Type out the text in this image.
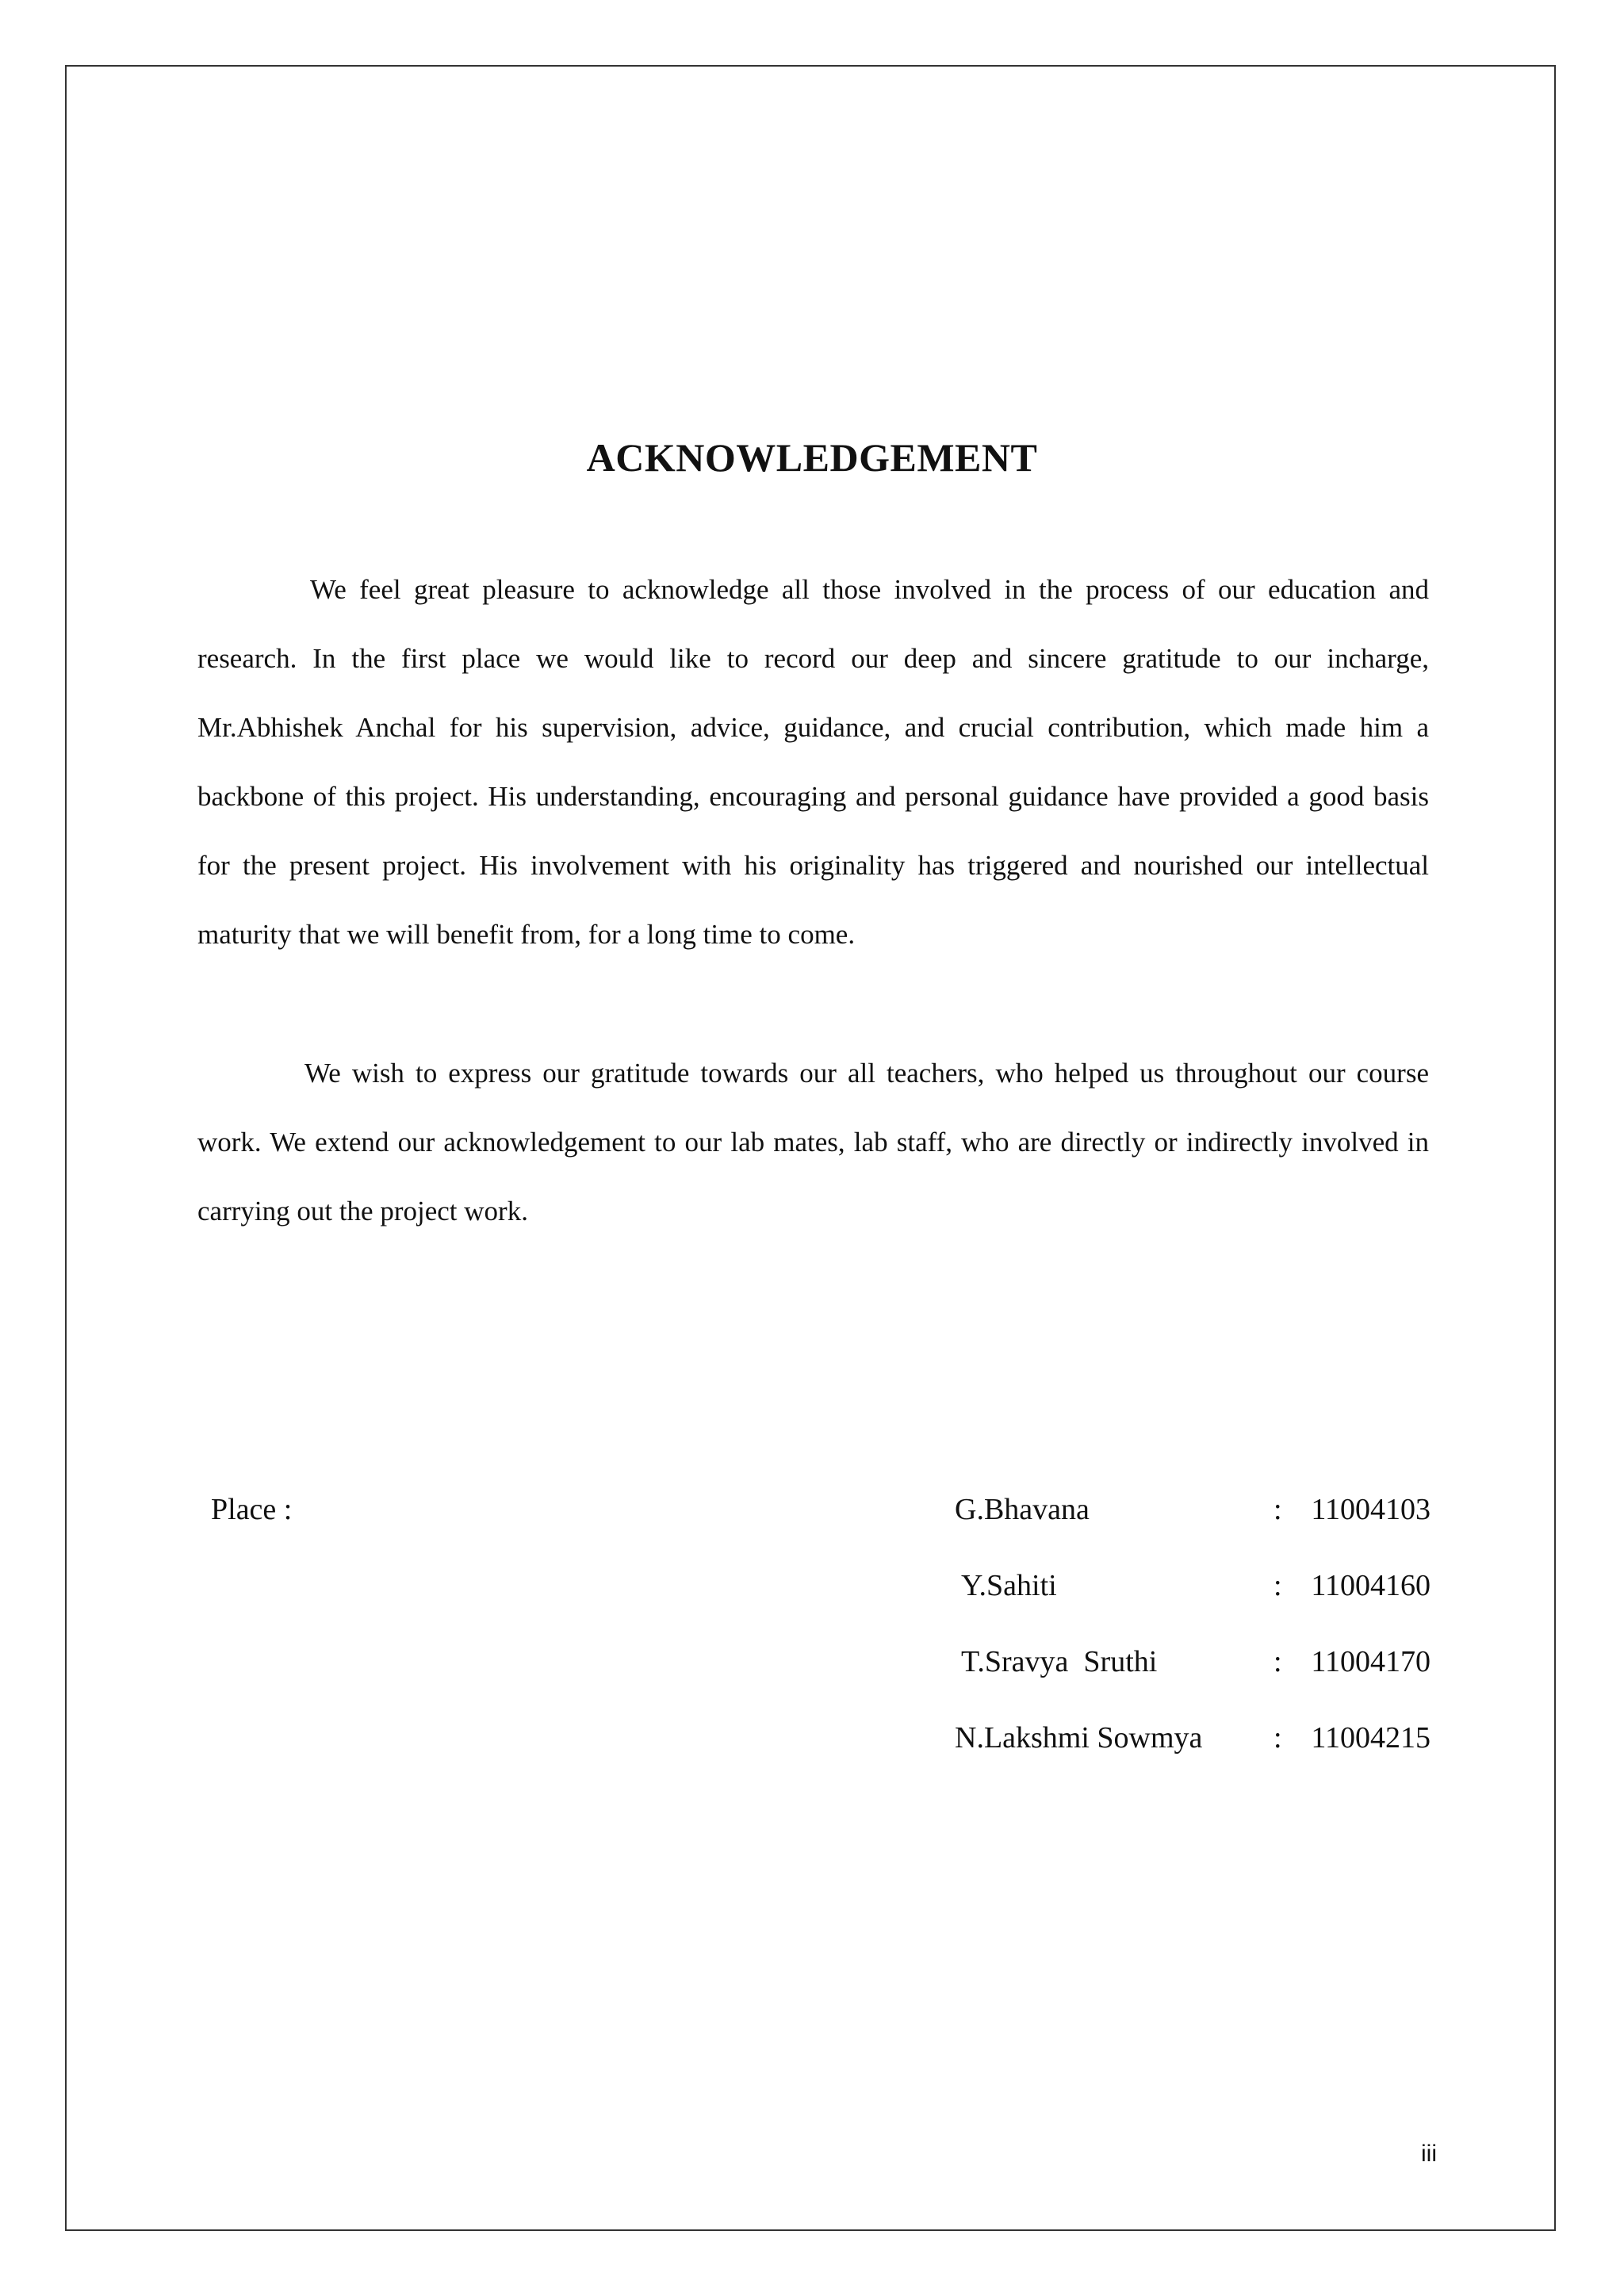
ACKNOWLEDGEMENT

We feel great pleasure to acknowledge all those involved in the process of our education and research. In the first place we would like to record our deep and sincere gratitude to our incharge, Mr.Abhishek Anchal for his supervision, advice, guidance, and crucial contribution, which made him a backbone of this project. His understanding, encouraging and personal guidance have provided a good basis for the present project. His involvement with his originality has triggered and nourished our intellectual maturity that we will benefit from, for a long time to come.

We wish to express our gratitude towards our all teachers, who helped us throughout our course work. We extend our acknowledgement to our lab mates, lab staff, who are directly or indirectly involved in carrying out the project work.

Place :	G.Bhavana	: 11004103
Y.Sahiti	: 11004160
T.Sravya  Sruthi	: 11004170
N.Lakshmi Sowmya : 11004215
iii
